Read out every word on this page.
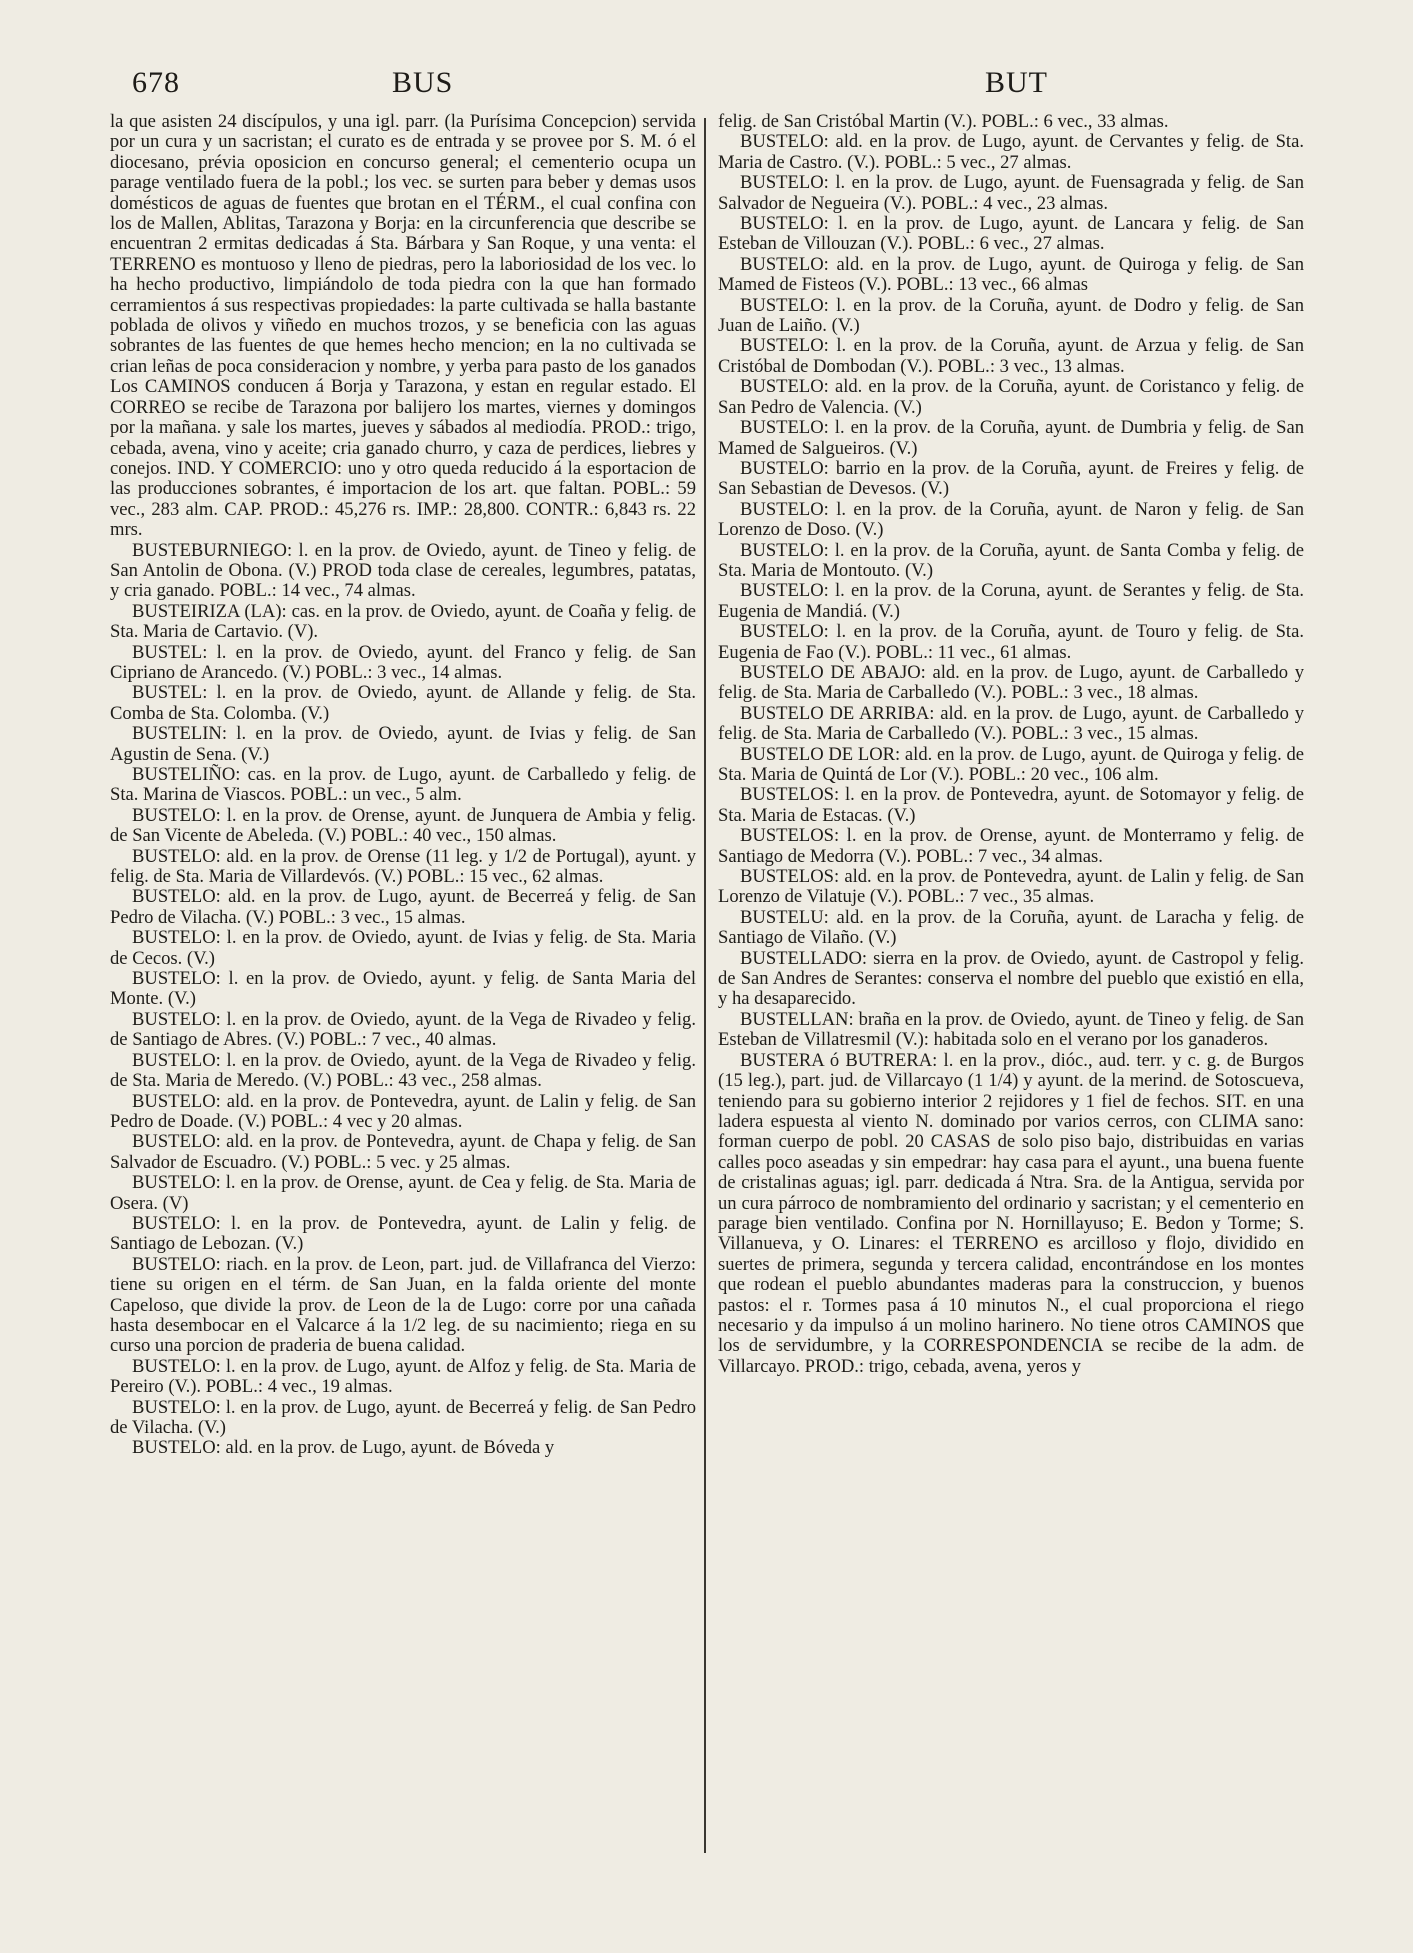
678	BUS	BUT

la que asisten 24 discípulos, y una igl. parr. (la Purísima Concepcion) servida por un cura y un sacristan; el curato es de entrada y se provee por S. M. ó el diocesano, prévia oposicion en concurso general; el cementerio ocupa un parage ventilado fuera de la pobl.; los vec. se surten para beber y demas usos domésticos de aguas de fuentes que brotan en el TÉRM., el cual confina con los de Mallen, Ablitas, Tarazona y Borja: en la circunferencia que describe se encuentran 2 ermitas dedicadas á Sta. Bárbara y San Roque, y una venta: el TERRENO es montuoso y lleno de piedras, pero la laboriosidad de los vec. lo ha hecho productivo, limpiándolo de toda piedra con la que han formado cerramientos á sus respectivas propiedades: la parte cultivada se halla bastante poblada de olivos y viñedo en muchos trozos, y se beneficia con las aguas sobrantes de las fuentes de que hemes hecho mencion; en la no cultivada se crian leñas de poca consideracion y nombre, y yerba para pasto de los ganados Los CAMINOS conducen á Borja y Tarazona, y estan en regular estado. El CORREO se recibe de Tarazona por balijero los martes, viernes y domingos por la mañana. y sale los martes, jueves y sábados al mediodía. PROD.: trigo, cebada, avena, vino y aceite; cria ganado churro, y caza de perdices, liebres y conejos. IND. Y COMERCIO: uno y otro queda reducido á la esportacion de las producciones sobrantes, é importacion de los art. que faltan. POBL.: 59 vec., 283 alm. CAP. PROD.: 45,276 rs. IMP.: 28,800. CONTR.: 6,843 rs. 22 mrs.

BUSTEBURNIEGO: l. en la prov. de Oviedo, ayunt. de Tineo y felig. de San Antolin de Obona. (V.) PROD toda clase de cereales, legumbres, patatas, y cria ganado. POBL.: 14 vec., 74 almas.

BUSTEIRIZA (LA): cas. en la prov. de Oviedo, ayunt. de Coaña y felig. de Sta. Maria de Cartavio. (V).

BUSTEL: l. en la prov. de Oviedo, ayunt. del Franco y felig. de San Cipriano de Arancedo. (V.) POBL.: 3 vec., 14 almas.

BUSTEL: l. en la prov. de Oviedo, ayunt. de Allande y felig. de Sta. Comba de Sta. Colomba. (V.)

BUSTELIN: l. en la prov. de Oviedo, ayunt. de Ivias y felig. de San Agustin de Sena. (V.)

BUSTELIÑO: cas. en la prov. de Lugo, ayunt. de Carballedo y felig. de Sta. Marina de Viascos. POBL.: un vec., 5 alm.

BUSTELO: l. en la prov. de Orense, ayunt. de Junquera de Ambia y felig. de San Vicente de Abeleda. (V.) POBL.: 40 vec., 150 almas.

BUSTELO: ald. en la prov. de Orense (11 leg. y 1/2 de Portugal), ayunt. y felig. de Sta. Maria de Villardevós. (V.) POBL.: 15 vec., 62 almas.

BUSTELO: ald. en la prov. de Lugo, ayunt. de Becerreá y felig. de San Pedro de Vilacha. (V.) POBL.: 3 vec., 15 almas.

BUSTELO: l. en la prov. de Oviedo, ayunt. de Ivias y felig. de Sta. Maria de Cecos. (V.)

BUSTELO: l. en la prov. de Oviedo, ayunt. y felig. de Santa Maria del Monte. (V.)

BUSTELO: l. en la prov. de Oviedo, ayunt. de la Vega de Rivadeo y felig. de Santiago de Abres. (V.) POBL.: 7 vec., 40 almas.

BUSTELO: l. en la prov. de Oviedo, ayunt. de la Vega de Rivadeo y felig. de Sta. Maria de Meredo. (V.) POBL.: 43 vec., 258 almas.

BUSTELO: ald. en la prov. de Pontevedra, ayunt. de Lalin y felig. de San Pedro de Doade. (V.) POBL.: 4 vec y 20 almas.

BUSTELO: ald. en la prov. de Pontevedra, ayunt. de Chapa y felig. de San Salvador de Escuadro. (V.) POBL.: 5 vec. y 25 almas.

BUSTELO: l. en la prov. de Orense, ayunt. de Cea y felig. de Sta. Maria de Osera. (V)

BUSTELO: l. en la prov. de Pontevedra, ayunt. de Lalin y felig. de Santiago de Lebozan. (V.)

BUSTELO: riach. en la prov. de Leon, part. jud. de Villafranca del Vierzo: tiene su origen en el térm. de San Juan, en la falda oriente del monte Capeloso, que divide la prov. de Leon de la de Lugo: corre por una cañada hasta desembocar en el Valcarce á la 1/2 leg. de su nacimiento; riega en su curso una porcion de praderia de buena calidad.

BUSTELO: l. en la prov. de Lugo, ayunt. de Alfoz y felig. de Sta. Maria de Pereiro (V.). POBL.: 4 vec., 19 almas.

BUSTELO: l. en la prov. de Lugo, ayunt. de Becerreá y felig. de San Pedro de Vilacha. (V.)

BUSTELO: ald. en la prov. de Lugo, ayunt. de Bóveda y

felig. de San Cristóbal Martin (V.). POBL.: 6 vec., 33 almas.

BUSTELO: ald. en la prov. de Lugo, ayunt. de Cervantes y felig. de Sta. Maria de Castro. (V.). POBL.: 5 vec., 27 almas.

BUSTELO: l. en la prov. de Lugo, ayunt. de Fuensagrada y felig. de San Salvador de Negueira (V.). POBL.: 4 vec., 23 almas.

BUSTELO: l. en la prov. de Lugo, ayunt. de Lancara y felig. de San Esteban de Villouzan (V.). POBL.: 6 vec., 27 almas.

BUSTELO: ald. en la prov. de Lugo, ayunt. de Quiroga y felig. de San Mamed de Fisteos (V.). POBL.: 13 vec., 66 almas

BUSTELO: l. en la prov. de la Coruña, ayunt. de Dodro y felig. de San Juan de Laiño. (V.)

BUSTELO: l. en la prov. de la Coruña, ayunt. de Arzua y felig. de San Cristóbal de Dombodan (V.). POBL.: 3 vec., 13 almas.

BUSTELO: ald. en la prov. de la Coruña, ayunt. de Coristanco y felig. de San Pedro de Valencia. (V.)

BUSTELO: l. en la prov. de la Coruña, ayunt. de Dumbria y felig. de San Mamed de Salgueiros. (V.)

BUSTELO: barrio en la prov. de la Coruña, ayunt. de Freires y felig. de San Sebastian de Devesos. (V.)

BUSTELO: l. en la prov. de la Coruña, ayunt. de Naron y felig. de San Lorenzo de Doso. (V.)

BUSTELO: l. en la prov. de la Coruña, ayunt. de Santa Comba y felig. de Sta. Maria de Montouto. (V.)

BUSTELO: l. en la prov. de la Coruna, ayunt. de Serantes y felig. de Sta. Eugenia de Mandiá. (V.)

BUSTELO: l. en la prov. de la Coruña, ayunt. de Touro y felig. de Sta. Eugenia de Fao (V.). POBL.: 11 vec., 61 almas.

BUSTELO DE ABAJO: ald. en la prov. de Lugo, ayunt. de Carballedo y felig. de Sta. Maria de Carballedo (V.). POBL.: 3 vec., 18 almas.

BUSTELO DE ARRIBA: ald. en la prov. de Lugo, ayunt. de Carballedo y felig. de Sta. Maria de Carballedo (V.). POBL.: 3 vec., 15 almas.

BUSTELO DE LOR: ald. en la prov. de Lugo, ayunt. de Quiroga y felig. de Sta. Maria de Quintá de Lor (V.). POBL.: 20 vec., 106 alm.

BUSTELOS: l. en la prov. de Pontevedra, ayunt. de Sotomayor y felig. de Sta. Maria de Estacas. (V.)

BUSTELOS: l. en la prov. de Orense, ayunt. de Monterramo y felig. de Santiago de Medorra (V.). POBL.: 7 vec., 34 almas.

BUSTELOS: ald. en la prov. de Pontevedra, ayunt. de Lalin y felig. de San Lorenzo de Vilatuje (V.). POBL.: 7 vec., 35 almas.

BUSTELU: ald. en la prov. de la Coruña, ayunt. de Laracha y felig. de Santiago de Vilaño. (V.)

BUSTELLADO: sierra en la prov. de Oviedo, ayunt. de Castropol y felig. de San Andres de Serantes: conserva el nombre del pueblo que existió en ella, y ha desaparecido.

BUSTELLAN: braña en la prov. de Oviedo, ayunt. de Tineo y felig. de San Esteban de Villatresmil (V.): habitada solo en el verano por los ganaderos.

BUSTERA ó BUTRERA: l. en la prov., dióc., aud. terr. y c. g. de Burgos (15 leg.), part. jud. de Villarcayo (1 1/4) y ayunt. de la merind. de Sotoscueva, teniendo para su gobierno interior 2 rejidores y 1 fiel de fechos. SIT. en una ladera espuesta al viento N. dominado por varios cerros, con CLIMA sano: forman cuerpo de pobl. 20 CASAS de solo piso bajo, distribuidas en varias calles poco aseadas y sin empedrar: hay casa para el ayunt., una buena fuente de cristalinas aguas; igl. parr. dedicada á Ntra. Sra. de la Antigua, servida por un cura párroco de nombramiento del ordinario y sacristan; y el cementerio en parage bien ventilado. Confina por N. Hornillayuso; E. Bedon y Torme; S. Villanueva, y O. Linares: el TERRENO es arcilloso y flojo, dividido en suertes de primera, segunda y tercera calidad, encontrándose en los montes que rodean el pueblo abundantes maderas para la construccion, y buenos pastos: el r. Tormes pasa á 10 minutos N., el cual proporciona el riego necesario y da impulso á un molino harinero. No tiene otros CAMINOS que los de servidumbre, y la CORRESPONDENCIA se recibe de la adm. de Villarcayo. PROD.: trigo, cebada, avena, yeros y
